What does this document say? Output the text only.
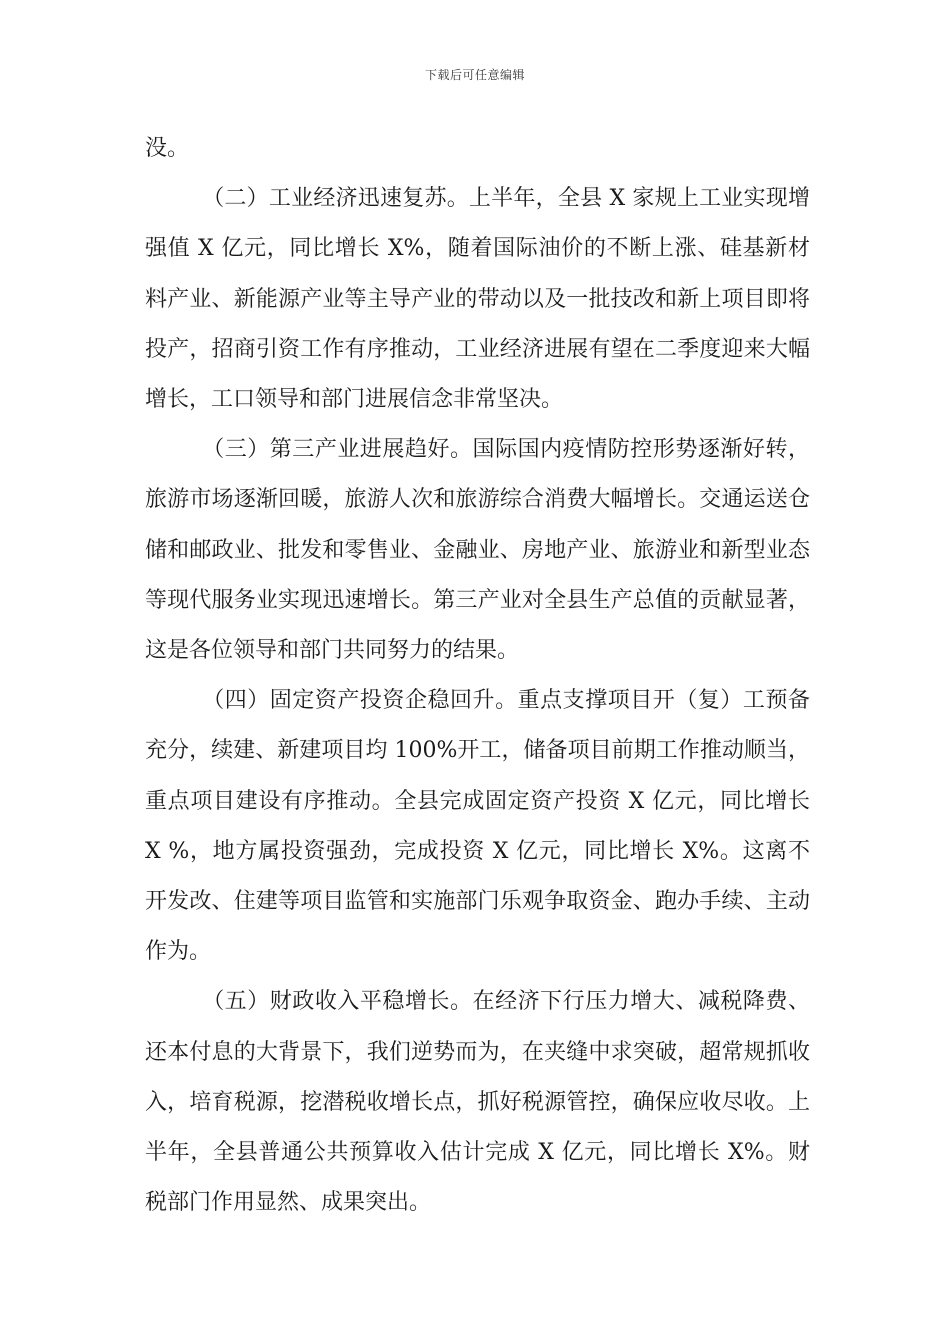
下载后可任意编辑

没。

（二）工业经济迅速复苏。上半年，全县 X 家规上工业实现增强值 X 亿元，同比增长 X%，随着国际油价的不断上涨、硅基新材料产业、新能源产业等主导产业的带动以及一批技改和新上项目即将投产，招商引资工作有序推动，工业经济进展有望在二季度迎来大幅增长，工口领导和部门进展信念非常坚决。

（三）第三产业进展趋好。国际国内疫情防控形势逐渐好转，旅游市场逐渐回暖，旅游人次和旅游综合消费大幅增长。交通运送仓储和邮政业、批发和零售业、金融业、房地产业、旅游业和新型业态等现代服务业实现迅速增长。第三产业对全县生产总值的贡献显著，这是各位领导和部门共同努力的结果。

（四）固定资产投资企稳回升。重点支撑项目开（复）工预备充分，续建、新建项目均 100%开工，储备项目前期工作推动顺当，重点项目建设有序推动。全县完成固定资产投资 X 亿元，同比增长 X %，地方属投资强劲，完成投资 X 亿元，同比增长 X%。这离不开发改、住建等项目监管和实施部门乐观争取资金、跑办手续、主动作为。

（五）财政收入平稳增长。在经济下行压力增大、减税降费、还本付息的大背景下，我们逆势而为，在夹缝中求突破，超常规抓收入，培育税源，挖潜税收增长点，抓好税源管控，确保应收尽收。上半年，全县普通公共预算收入估计完成 X 亿元，同比增长 X%。财税部门作用显然、成果突出。
